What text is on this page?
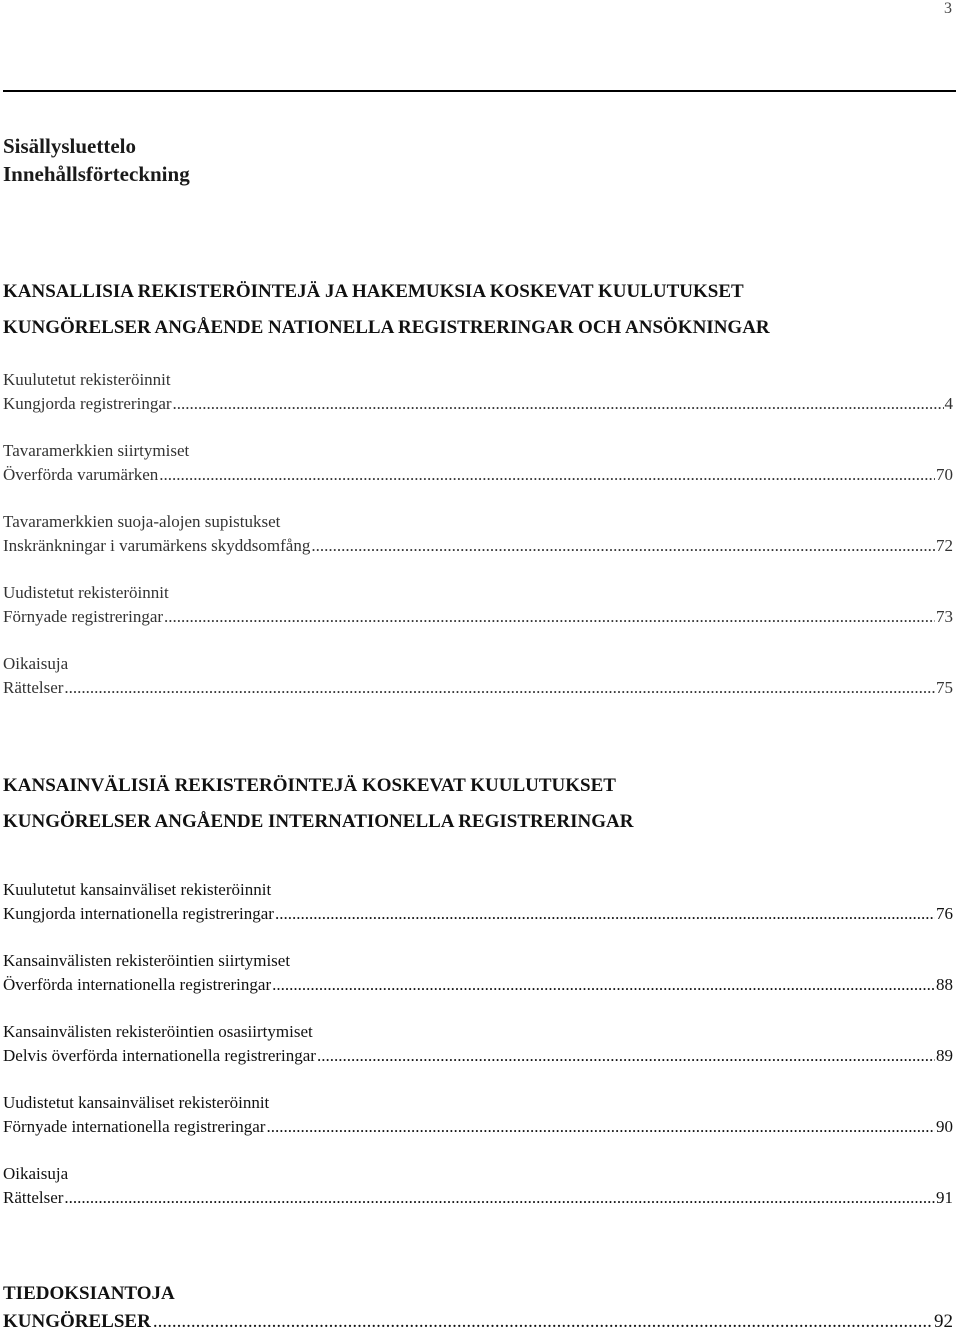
3
Sisällysluettelo
Innehållsförteckning
KANSALLISIA REKISTERÖINTEJÄ JA HAKEMUKSIA KOSKEVAT KUULUTUKSET
KUNGÖRELSER ANGÅENDE NATIONELLA REGISTRERINGAR OCH ANSÖKNINGAR
Kuulutetut rekisteröinnit
Kungjorda registreringar .....	4
Tavaramerkkien siirtymiset
Överförda varumärken .....	70
Tavaramerkkien suoja-alojen supistukset
Inskränkningar i varumärkens skyddsomfång .....	72
Uudistetut rekisteröinnit
Förnyade registreringar .....	73
Oikaisuja
Rättelser .....	75
KANSAINVÄLISIÄ REKISTERÖINTEJÄ KOSKEVAT KUULUTUKSET
KUNGÖRELSER ANGÅENDE INTERNATIONELLA REGISTRERINGAR
Kuulutetut kansainväliset rekisteröinnit
Kungjorda internationella registreringar .....	76
Kansainvälisten rekisteröintien siirtymiset
Överförda internationella registreringar .....	88
Kansainvälisten rekisteröintien osasiirtymiset
Delvis överförda internationella registreringar .....	89
Uudistetut kansainväliset rekisteröinnit
Förnyade internationella registreringar .....	90
Oikaisuja
Rättelser .....	91
TIEDOKSIANTOJA
KUNGÖRELSER .....	92
